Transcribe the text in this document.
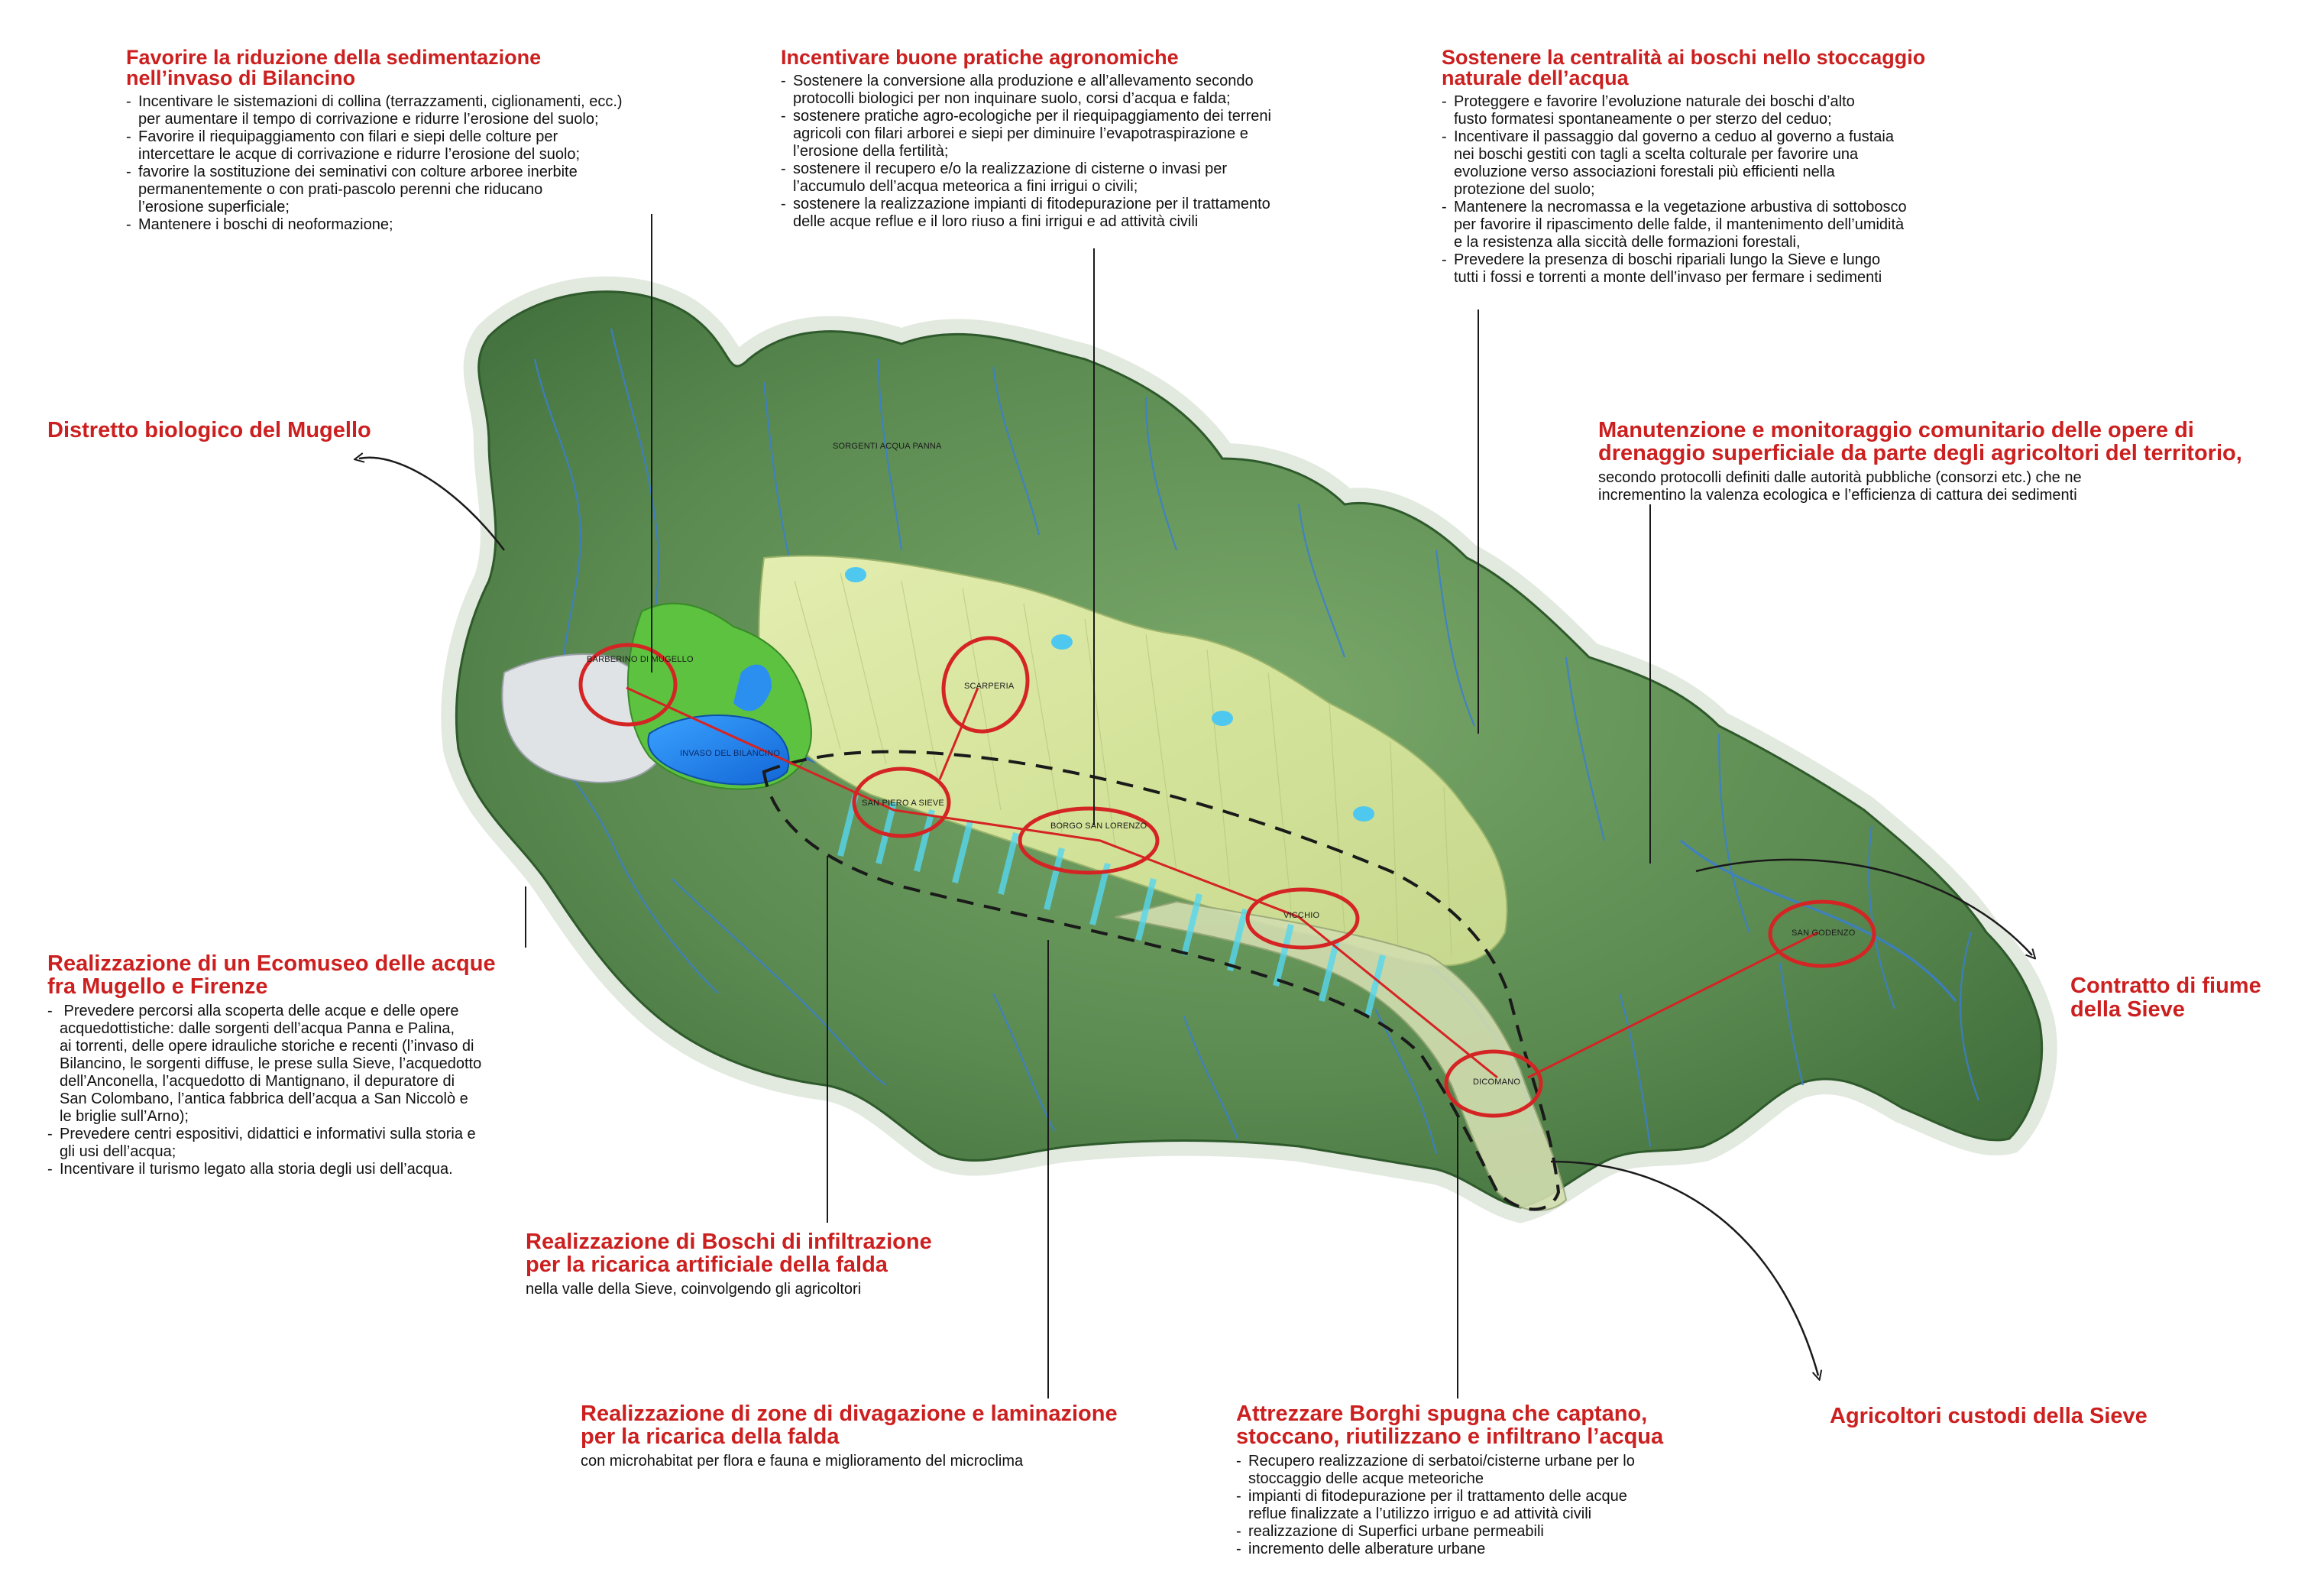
BARBERINO DI MUGELLO
INVASO DEL BILANCINO
SCARPERIA
SAN PIERO A SIEVE
BORGO SAN LORENZO
VICCHIO
DICOMANO
SAN GODENZO
SORGENTI ACQUA PANNA
Favorire la riduzione della sedimentazione
nell’invaso di Bilancino
- Incentivare le sistemazioni di collina (terrazzamenti, ciglionamenti, ecc.)
per aumentare il tempo di corrivazione e ridurre l’erosione del suolo;
- Favorire il riequipaggiamento con filari e siepi delle colture per
intercettare le acque di corrivazione e ridurre l’erosione del suolo;
- favorire la sostituzione dei seminativi con colture arboree inerbite
permanentemente o con prati-pascolo perenni che riducano
l’erosione superficiale;
- Mantenere i boschi di neoformazione;
Incentivare buone pratiche agronomiche
- Sostenere la conversione alla produzione e all’allevamento secondo
protocolli biologici per non inquinare suolo, corsi d’acqua e falda;
- sostenere pratiche agro-ecologiche per il riequipaggiamento dei terreni
agricoli con filari arborei e siepi per diminuire l’evapotraspirazione e
l’erosione della fertilità;
- sostenere il recupero e/o la realizzazione di cisterne o invasi per
l’accumulo dell’acqua meteorica a fini irrigui o civili;
- sostenere la realizzazione impianti di fitodepurazione per il trattamento
delle acque reflue e il loro riuso a fini irrigui e ad attività civili
Sostenere la centralità ai boschi nello stoccaggio
naturale dell’acqua
- Proteggere e favorire l’evoluzione naturale dei boschi d’alto
fusto formatesi spontaneamente o per sterzo del ceduo;
- Incentivare il passaggio dal governo a ceduo al governo a fustaia
nei boschi gestiti con tagli a scelta colturale per favorire una
evoluzione verso associazioni forestali più efficienti nella
protezione del suolo;
- Mantenere la necromassa e la vegetazione arbustiva di sottobosco
per favorire il ripascimento delle falde, il mantenimento dell’umidità
e la resistenza alla siccità delle formazioni forestali,
- Prevedere la presenza di boschi ripariali lungo la Sieve e lungo
tutti i fossi e torrenti a monte dell’invaso per fermare i sedimenti
Distretto biologico del Mugello	Manutenzione e monitoraggio comunitario delle opere di
drenaggio superficiale da parte degli agricoltori del territorio,
secondo protocolli definiti dalle autorità pubbliche (consorzi etc.) che ne
incrementino la valenza ecologica e l’efficienza di cattura dei sedimenti
Realizzazione di un Ecomuseo delle acque
fra Mugello e Firenze
- Prevedere percorsi alla scoperta delle acque e delle opere
acquedottistiche: dalle sorgenti dell’acqua Panna e Palina,
ai torrenti, delle opere idrauliche storiche e recenti (l’invaso di
Bilancino, le sorgenti diffuse, le prese sulla Sieve, l’acquedotto
dell’Anconella, l’acquedotto di Mantignano, il depuratore di
San Colombano, l’antica fabbrica dell’acqua a San Niccolò e
le briglie sull’Arno);
- Prevedere centri espositivi, didattici e informativi sulla storia e
gli usi dell’acqua;
- Incentivare il turismo legato alla storia degli usi dell’acqua.
Contratto di fiume
della Sieve
Realizzazione di Boschi di infiltrazione
per la ricarica artificiale della falda
nella valle della Sieve, coinvolgendo gli agricoltori
Realizzazione di zone di divagazione e laminazione
per la ricarica della falda
con microhabitat per flora e fauna e miglioramento del microclima
Attrezzare Borghi spugna che captano,
stoccano, riutilizzano e infiltrano l’acqua
- Recupero realizzazione di serbatoi/cisterne urbane per lo
stoccaggio delle acque meteoriche
- impianti di fitodepurazione per il trattamento delle acque
reflue finalizzate a l’utilizzo irriguo e ad attività civili
- realizzazione di Superfici urbane permeabili
- incremento delle alberature urbane
Agricoltori custodi della Sieve
